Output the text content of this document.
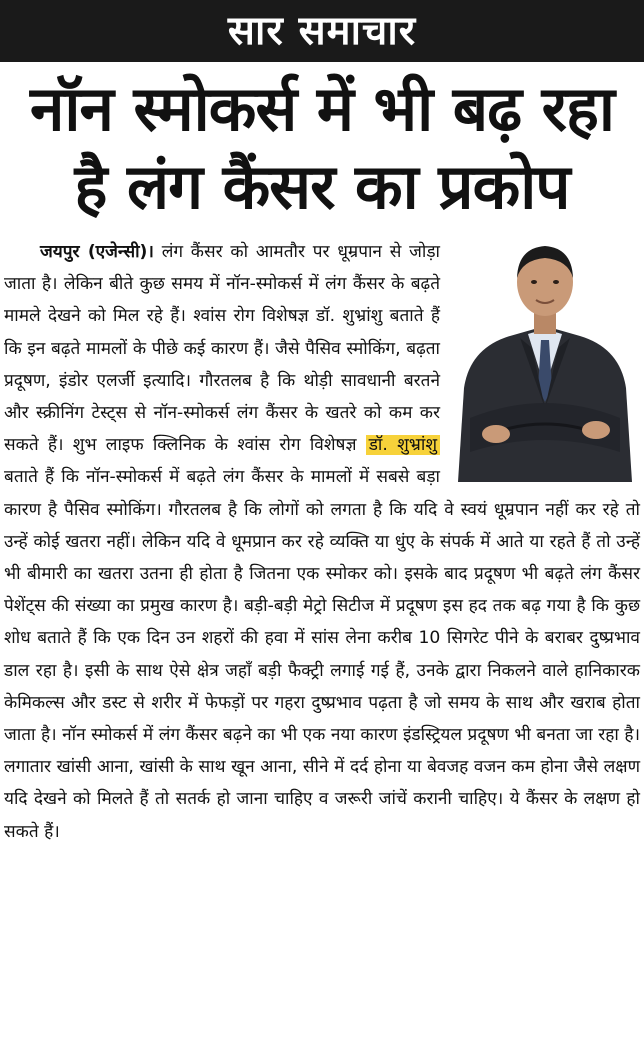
सार समाचार
नॉन स्मोकर्स में भी बढ़ रहा
है लंग कैंसर का प्रकोप
जयपुर (एजेन्सी)। लंग कैंसर को आमतौर पर धूम्रपान से जोड़ा जाता है। लेकिन बीते कुछ समय में नॉन-स्मोकर्स में लंग कैंसर के बढ़ते मामले देखने को मिल रहे हैं। श्वांस रोग विशेषज्ञ डॉ. शुभ्रांशु बताते हैं कि इन बढ़ते मामलों के पीछे कई कारण हैं। जैसे पैसिव स्मोकिंग, बढ़ता प्रदूषण, इंडोर एलर्जी इत्यादि। गौरतलब है कि थोड़ी सावधानी बरतने और स्क्रीनिंग टेस्ट्स से नॉन-स्मोकर्स लंग कैंसर के खतरे को कम कर सकते हैं। शुभ लाइफ क्लिनिक के श्वांस रोग विशेषज्ञ डॉ. शुभ्रांशु बताते हैं कि नॉन-स्मोकर्स में बढ़ते लंग कैंसर के मामलों में सबसे बड़ा कारण है पैसिव स्मोकिंग। गौरतलब है कि लोगों को लगता है कि यदि वे स्वयं धूम्रपान नहीं कर रहे तो उन्हें कोई खतरा नहीं। लेकिन यदि वे धूमप्रान कर रहे व्यक्ति या धुंए के संपर्क में आते या रहते हैं तो उन्हें भी बीमारी का खतरा उतना ही होता है जितना एक स्मोकर को। इसके बाद प्रदूषण भी बढ़ते लंग कैंसर पेशेंट्स की संख्या का प्रमुख कारण है। बड़ी-बड़ी मेट्रो सिटीज में प्रदूषण इस हद तक बढ़ गया है कि कुछ शोध बताते हैं कि एक दिन उन शहरों की हवा में सांस लेना करीब 10 सिगरेट पीने के बराबर दुष्प्रभाव डाल रहा है। इसी के साथ ऐसे क्षेत्र जहाँ बड़ी फैक्ट्री लगाई गई हैं, उनके द्वारा निकलने वाले हानिकारक केमिकल्स और डस्ट से शरीर में फेफड़ों पर गहरा दुष्प्रभाव पढ़ता है जो समय के साथ और खराब होता जाता है। नॉन स्मोकर्स में लंग कैंसर बढ़ने का भी एक नया कारण इंडस्ट्रियल प्रदूषण भी बनता जा रहा है। लगातार खांसी आना, खांसी के साथ खून आना, सीने में दर्द होना या बेवजह वजन कम होना जैसे लक्षण यदि देखने को मिलते हैं तो सतर्क हो जाना चाहिए व जरूरी जांचें करानी चाहिए। ये कैंसर के लक्षण हो सकते हैं।
